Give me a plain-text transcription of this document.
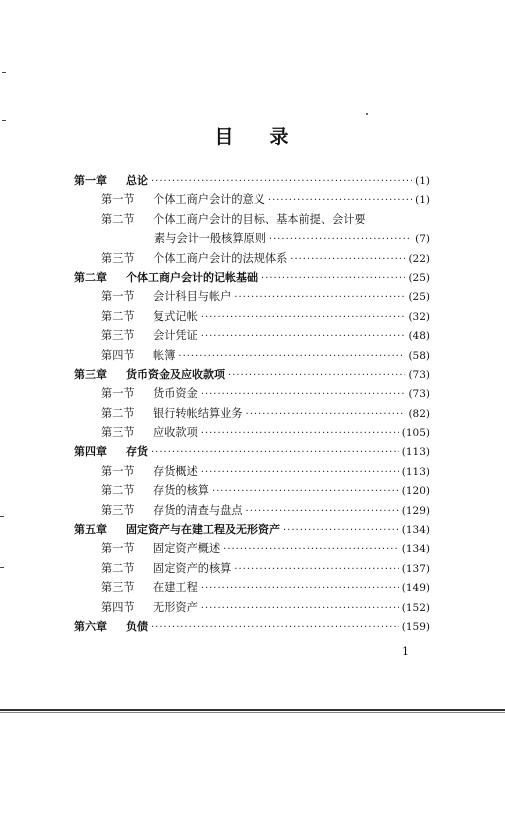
目 录
第一章	总论 ·····	(1)
第一节	个体工商户会计的意义 ·····	(1)
第二节	个体工商户会计的目标、基本前提、会计要
素与会计一般核算原则 ·····	(7)
第三节	个体工商户会计的法规体系 ·····	(22)
第二章	个体工商户会计的记帐基础 ·····	(25)
第一节	会计科目与帐户 ·····	(25)
第二节	复式记帐 ·····	(32)
第三节	会计凭证 ·····	(48)
第四节	帐簿 ·····	(58)
第三章	货币资金及应收款项 ·····	(73)
第一节	货币资金 ·····	(73)
第二节	银行转帐结算业务 ·····	(82)
第三节	应收款项 ·····	(105)
第四章	存货 ·····	(113)
第一节	存货概述 ·····	(113)
第二节	存货的核算 ·····	(120)
第三节	存货的清查与盘点 ·····	(129)
第五章	固定资产与在建工程及无形资产 ·····	(134)
第一节	固定资产概述 ·····	(134)
第二节	固定资产的核算 ·····	(137)
第三节	在建工程 ·····	(149)
第四节	无形资产 ·····	(152)
第六章	负债 ·····	(159)
1
